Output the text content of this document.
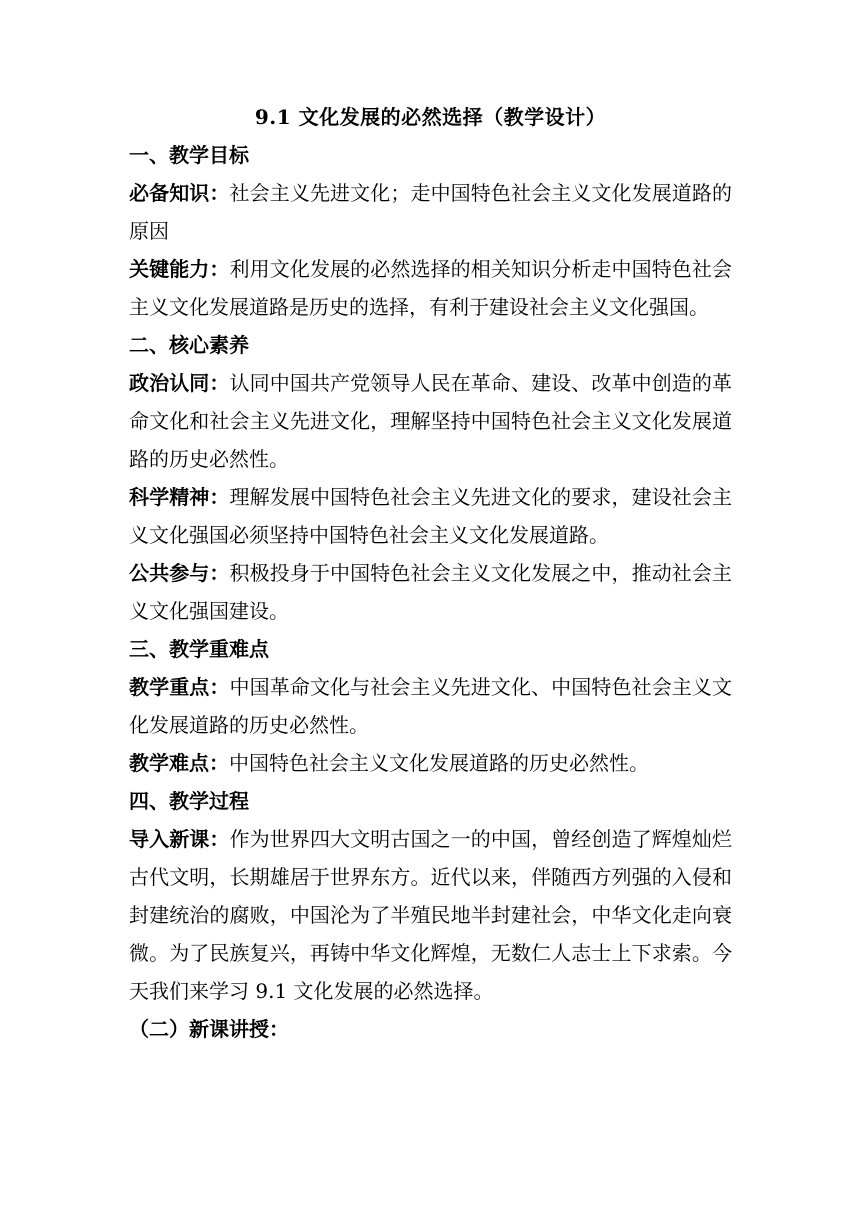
9.1 文化发展的必然选择（教学设计）

一、教学目标

必备知识：社会主义先进文化；走中国特色社会主义文化发展道路的原因

关键能力：利用文化发展的必然选择的相关知识分析走中国特色社会主义文化发展道路是历史的选择，有利于建设社会主义文化强国。

二、核心素养

政治认同：认同中国共产党领导人民在革命、建设、改革中创造的革命文化和社会主义先进文化，理解坚持中国特色社会主义文化发展道路的历史必然性。

科学精神：理解发展中国特色社会主义先进文化的要求，建设社会主义文化强国必须坚持中国特色社会主义文化发展道路。

公共参与：积极投身于中国特色社会主义文化发展之中，推动社会主义文化强国建设。

三、教学重难点

教学重点：中国革命文化与社会主义先进文化、中国特色社会主义文化发展道路的历史必然性。

教学难点：中国特色社会主义文化发展道路的历史必然性。

四、教学过程

导入新课：作为世界四大文明古国之一的中国，曾经创造了辉煌灿烂古代文明，长期雄居于世界东方。近代以来，伴随西方列强的入侵和封建统治的腐败，中国沦为了半殖民地半封建社会，中华文化走向衰微。为了民族复兴，再铸中华文化辉煌，无数仁人志士上下求索。今天我们来学习 9.1 文化发展的必然选择。

（二）新课讲授：
